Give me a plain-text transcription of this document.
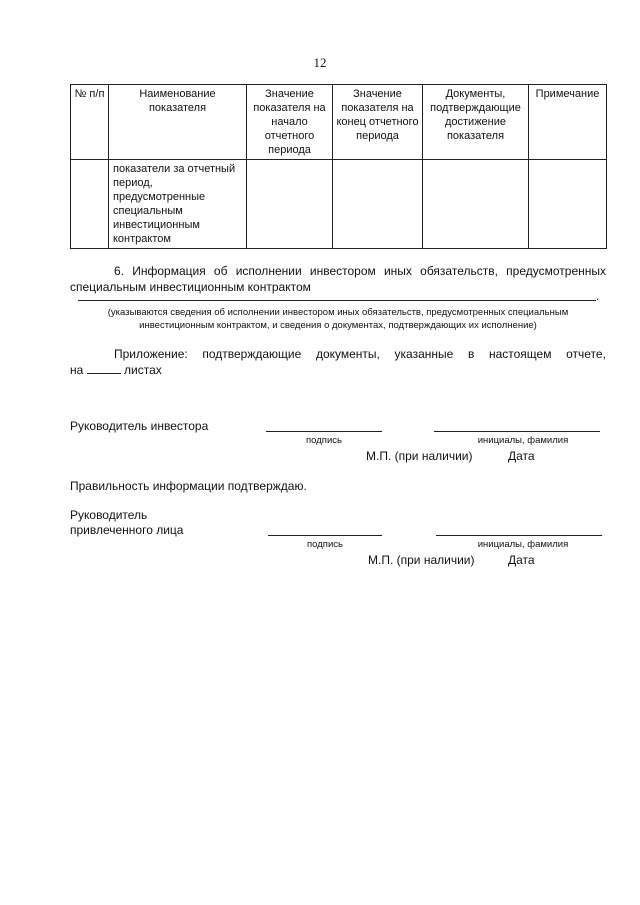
12
№ п/п	Наименование показателя	Значение показателя на начало отчетного периода	Значение показателя на конец отчетного периода	Документы, подтверждающие достижение показателя	Примечание
	показатели за отчетный период, предусмотренные специальным инвестиционным контрактом				
6. Информация об исполнении инвестором иных обязательств, предусмотренных специальным инвестиционным контрактом
.
(указываются сведения об исполнении инвестором иных обязательств, предусмотренных специальным инвестиционным контрактом, и сведения о документах, подтверждающих их исполнение)
Приложение: подтверждающие документы, указанные в настоящем отчете,
на	листах
Руководитель инвестора
подпись	инициалы, фамилия
М.П. (при наличии)	Дата
Правильность информации подтверждаю.
Руководитель
привлеченного лица
подпись	инициалы, фамилия
М.П. (при наличии)	Дата
